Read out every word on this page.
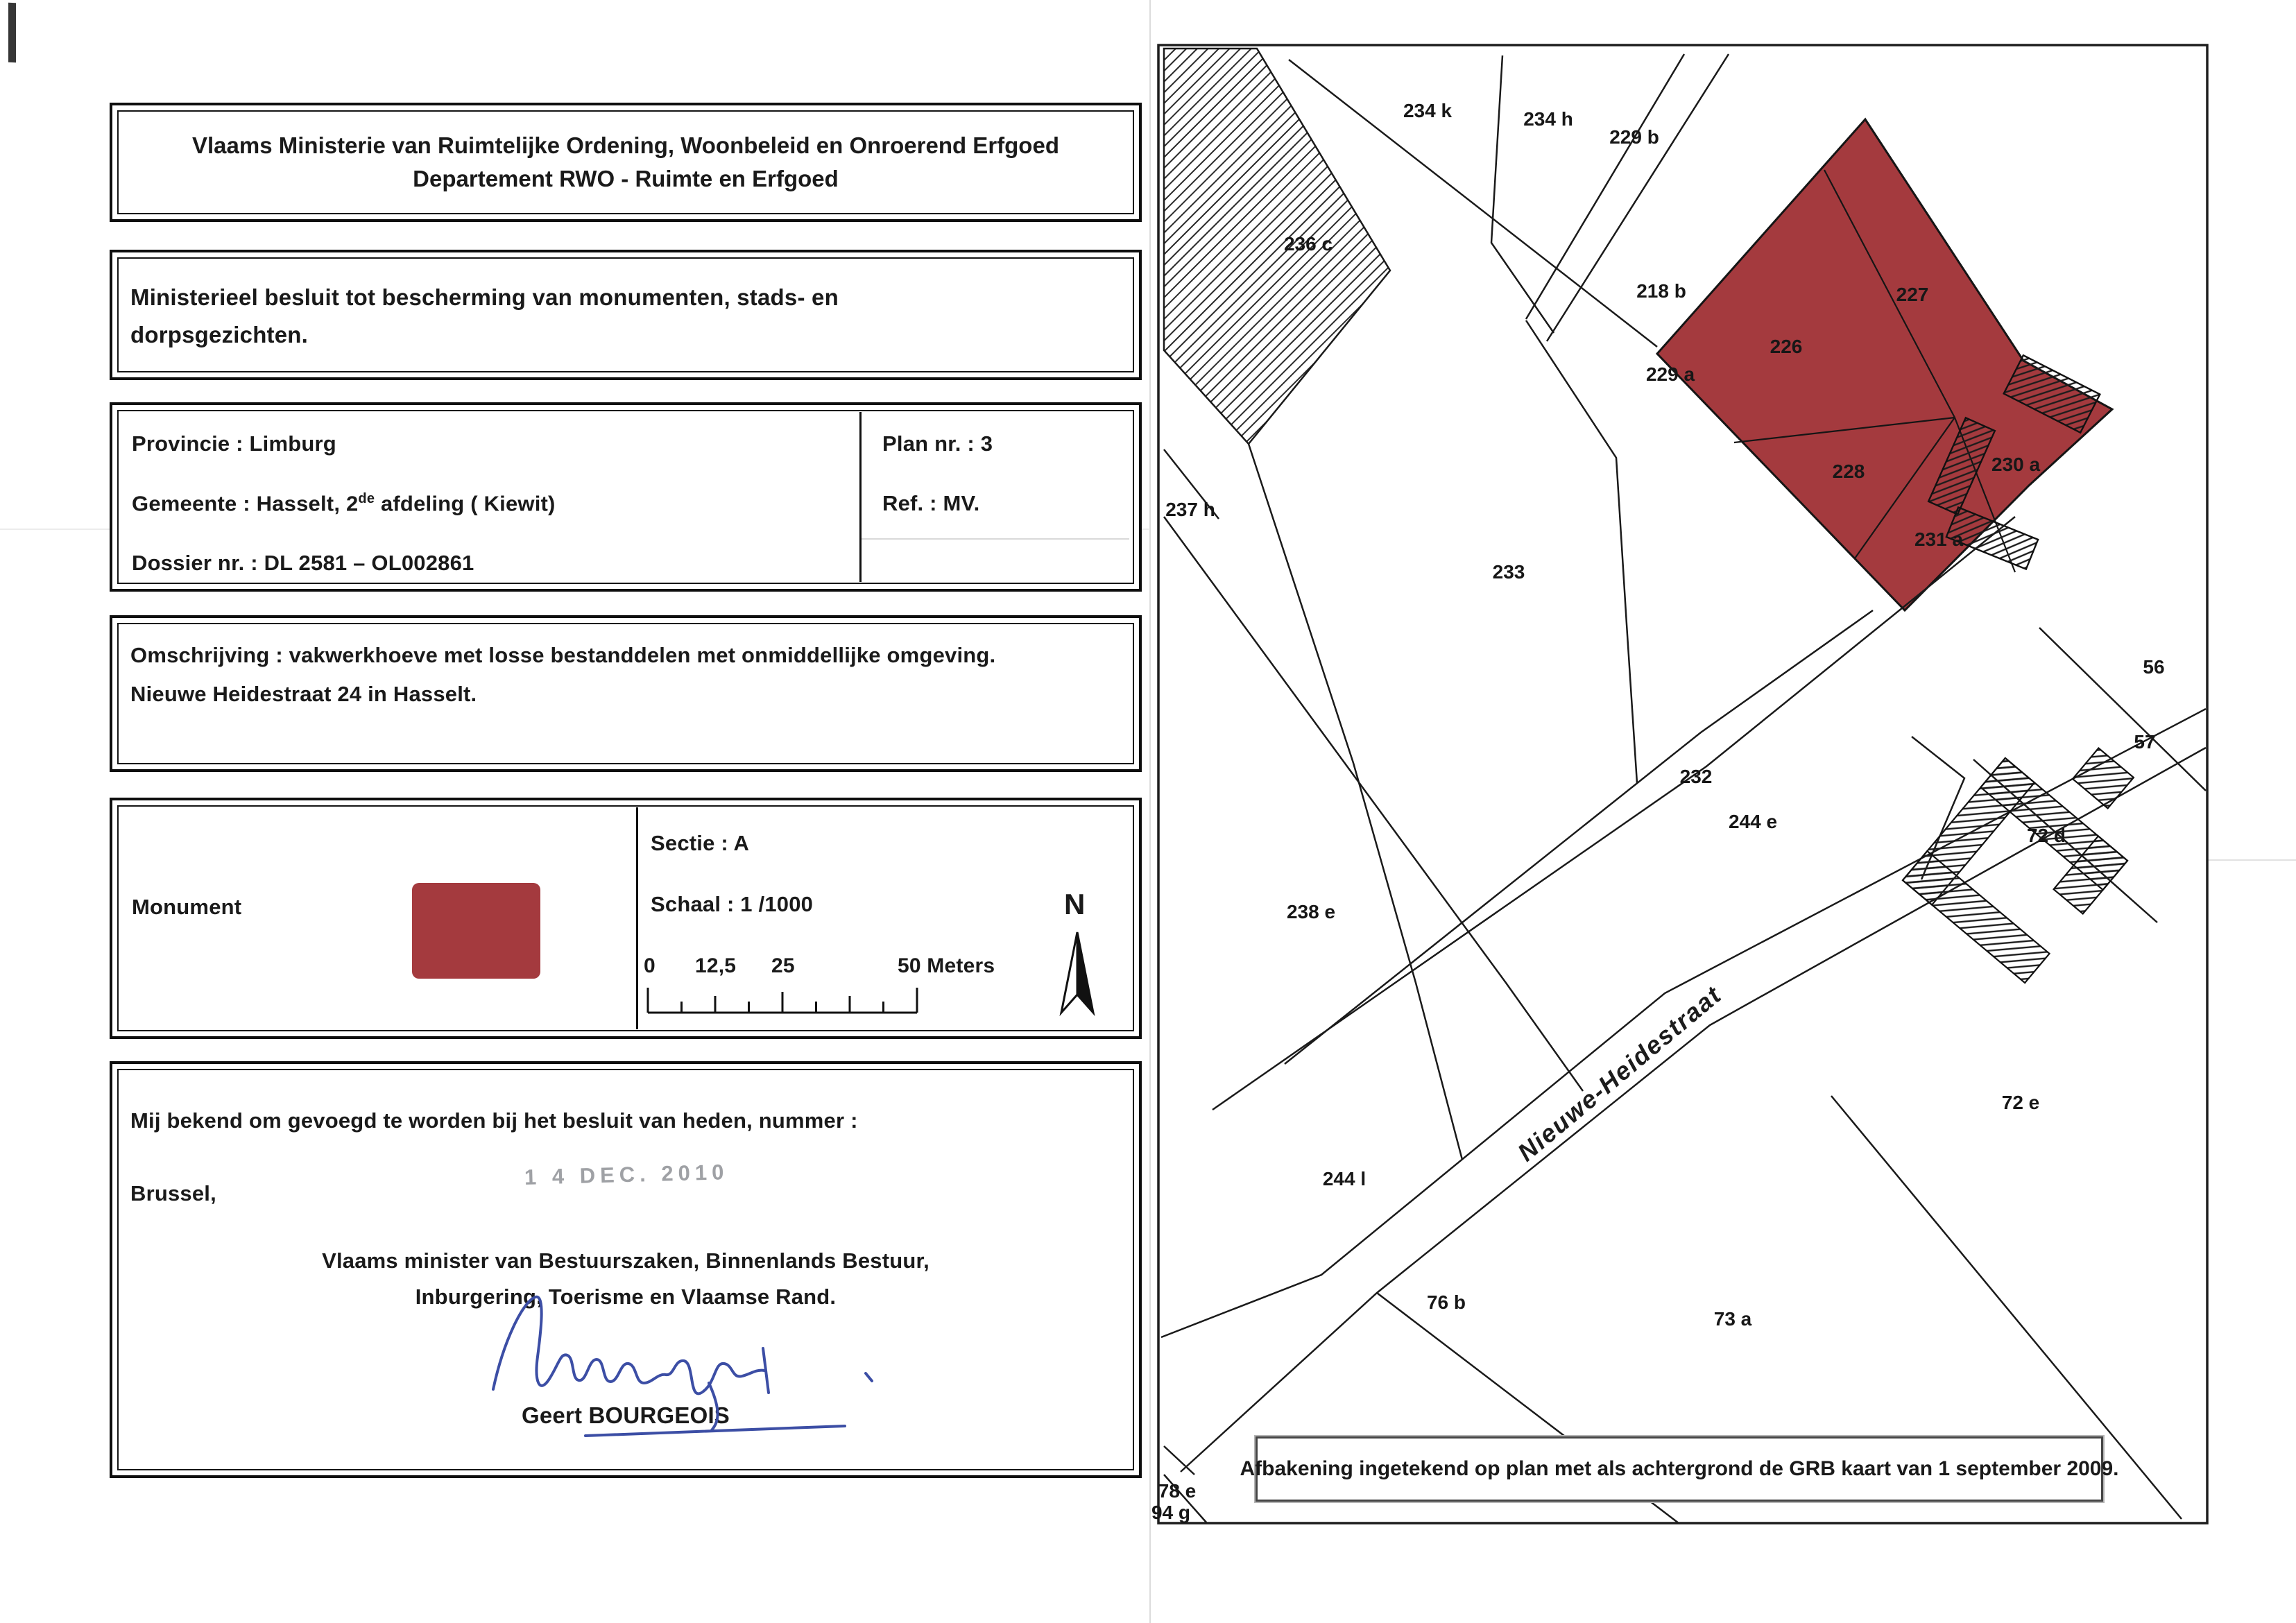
Vlaams Ministerie van Ruimtelijke Ordening, Woonbeleid en Onroerend Erfgoed
Departement RWO - Ruimte en Erfgoed
Ministerieel besluit tot bescherming van monumenten, stads- en
dorpsgezichten.
Provincie : Limburg
Gemeente : Hasselt, 2de afdeling ( Kiewit)
Dossier nr. : DL 2581 – OL002861
Plan nr. : 3
Ref. : MV.
Omschrijving : vakwerkhoeve met losse bestanddelen met onmiddellijke omgeving.
Nieuwe Heidestraat 24 in Hasselt.
Monument
Sectie : A
Schaal : 1 /1000
0 12,5 25	50 Meters
N
Mij bekend om gevoegd te worden bij het besluit van heden, nummer :
Brussel,
1 4 DEC. 2010
Vlaams minister van Bestuurszaken, Binnenlands Bestuur,
Inburgering, Toerisme en Vlaamse Rand.
Geert BOURGEOIS
234 k	234 h
229 b
236 c
218 b	227
226
229 a
228	230 a
231 a
237 h
233
56
57
232
244 e
72 d
238 e
72 e
244 l
76 b
73 a
78 e
94 g
Nieuwe-Heidestraat
Afbakening ingetekend op plan met als achtergrond de GRB kaart van 1 september 2009.
